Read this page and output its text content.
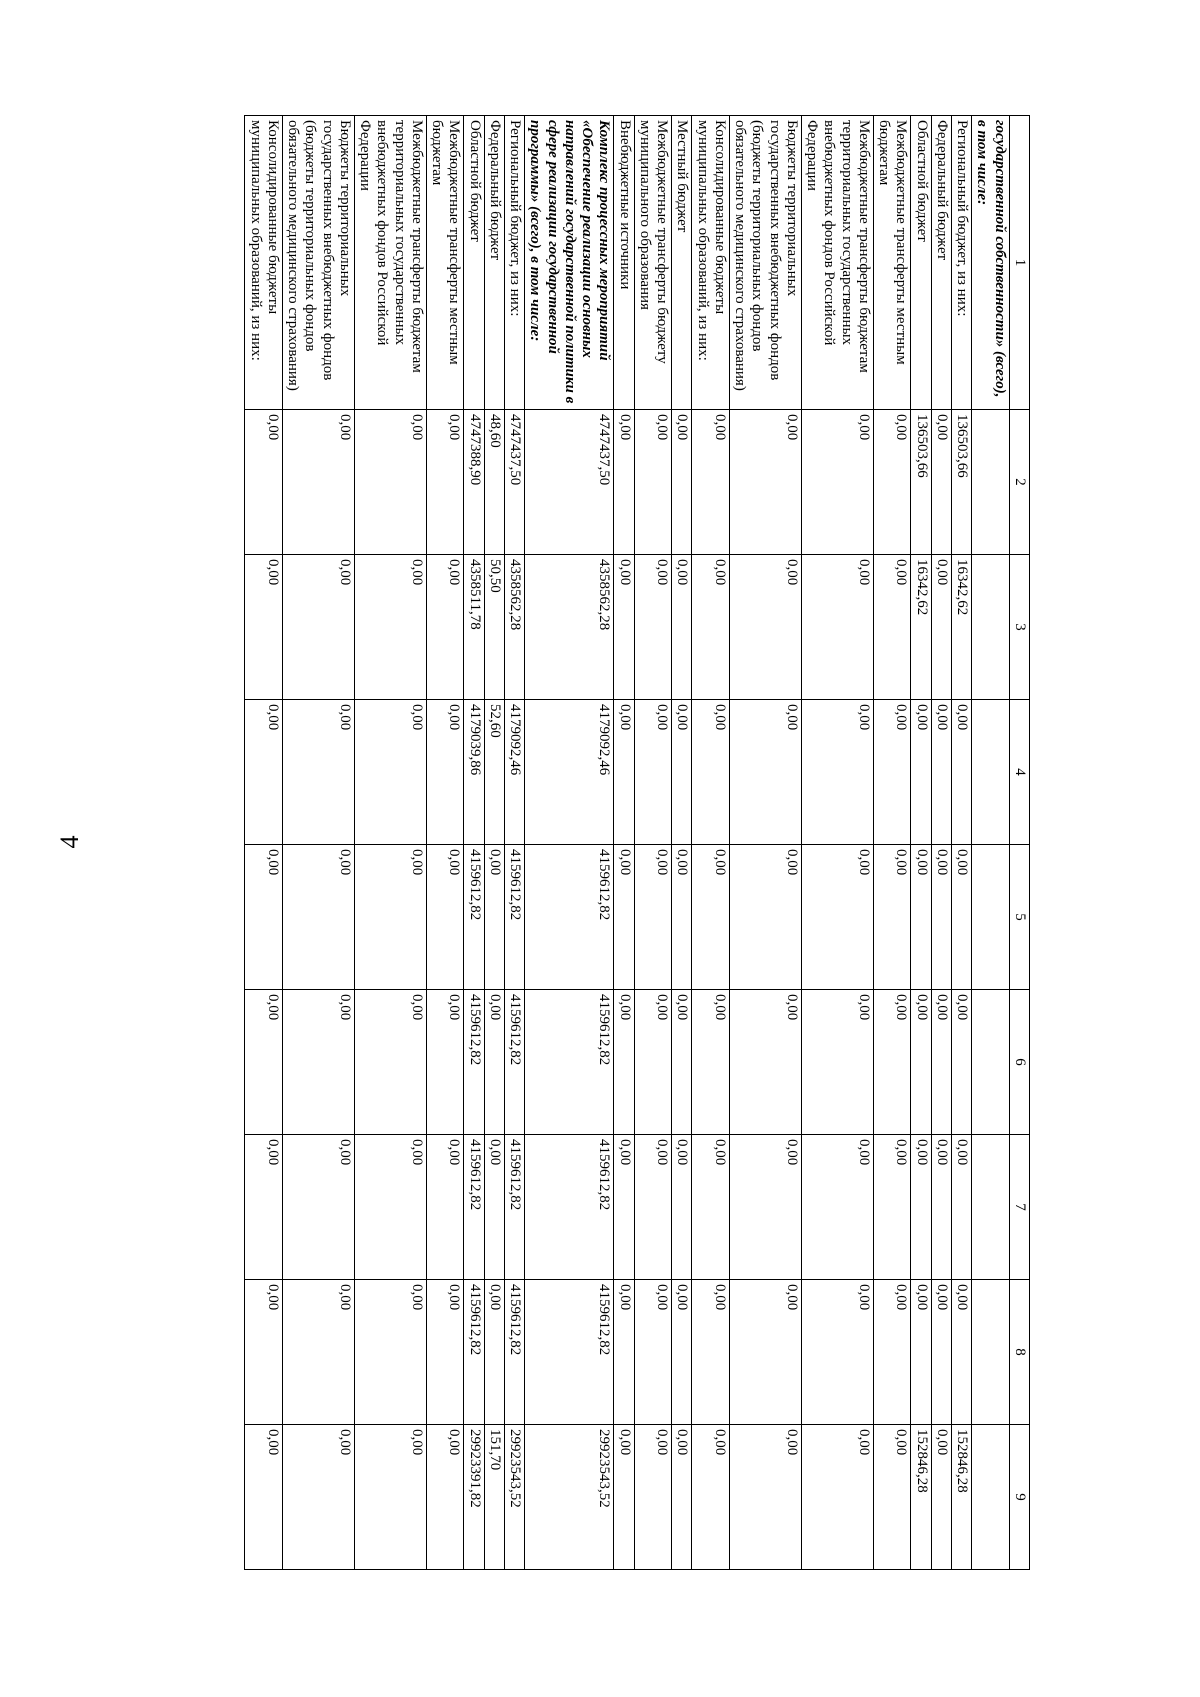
4
1	2	3	4	5	6	7	8	9
государственной собственности» (всего), в том числе:								
Региональный бюджет, из них:	136503,66	16342,62	0,00	0,00	0,00	0,00	0,00	152846,28
Федеральный бюджет	0,00	0,00	0,00	0,00	0,00	0,00	0,00	0,00
Областной бюджет	136503,66	16342,62	0,00	0,00	0,00	0,00	0,00	152846,28
Межбюджетные трансферты местным бюджетам	0,00	0,00	0,00	0,00	0,00	0,00	0,00	0,00
Межбюджетные трансферты бюджетам территориальных государственных внебюджетных фондов Российской Федерации	0,00	0,00	0,00	0,00	0,00	0,00	0,00	0,00
Бюджеты территориальных государственных внебюджетных фондов (бюджеты территориальных фондов обязательного медицинского страхования)	0,00	0,00	0,00	0,00	0,00	0,00	0,00	0,00
Консолидированные бюджеты муниципальных образований, из них:	0,00	0,00	0,00	0,00	0,00	0,00	0,00	0,00
Местный бюджет	0,00	0,00	0,00	0,00	0,00	0,00	0,00	0,00
Межбюджетные трансферты бюджету муниципального образования	0,00	0,00	0,00	0,00	0,00	0,00	0,00	0,00
Внебюджетные источники	0,00	0,00	0,00	0,00	0,00	0,00	0,00	0,00
Комплекс процессных мероприятий «Обеспечение реализации основных направлений государственной политики в сфере реализации государственной программы» (всего), в том числе:	4747437,50	4358562,28	4179092,46	4159612,82	4159612,82	4159612,82	4159612,82	29923543,52
Региональный бюджет, из них:	4747437,50	4358562,28	4179092,46	4159612,82	4159612,82	4159612,82	4159612,82	29923543,52
Федеральный бюджет	48,60	50,50	52,60	0,00	0,00	0,00	0,00	151,70
Областной бюджет	4747388,90	4358511,78	4179039,86	4159612,82	4159612,82	4159612,82	4159612,82	29923391,82
Межбюджетные трансферты местным бюджетам	0,00	0,00	0,00	0,00	0,00	0,00	0,00	0,00
Межбюджетные трансферты бюджетам территориальных государственных внебюджетных фондов Российской Федерации	0,00	0,00	0,00	0,00	0,00	0,00	0,00	0,00
Бюджеты территориальных государственных внебюджетных фондов (бюджеты территориальных фондов обязательного медицинского страхования)	0,00	0,00	0,00	0,00	0,00	0,00	0,00	0,00
Консолидированные бюджеты муниципальных образований, из них:	0,00	0,00	0,00	0,00	0,00	0,00	0,00	0,00
